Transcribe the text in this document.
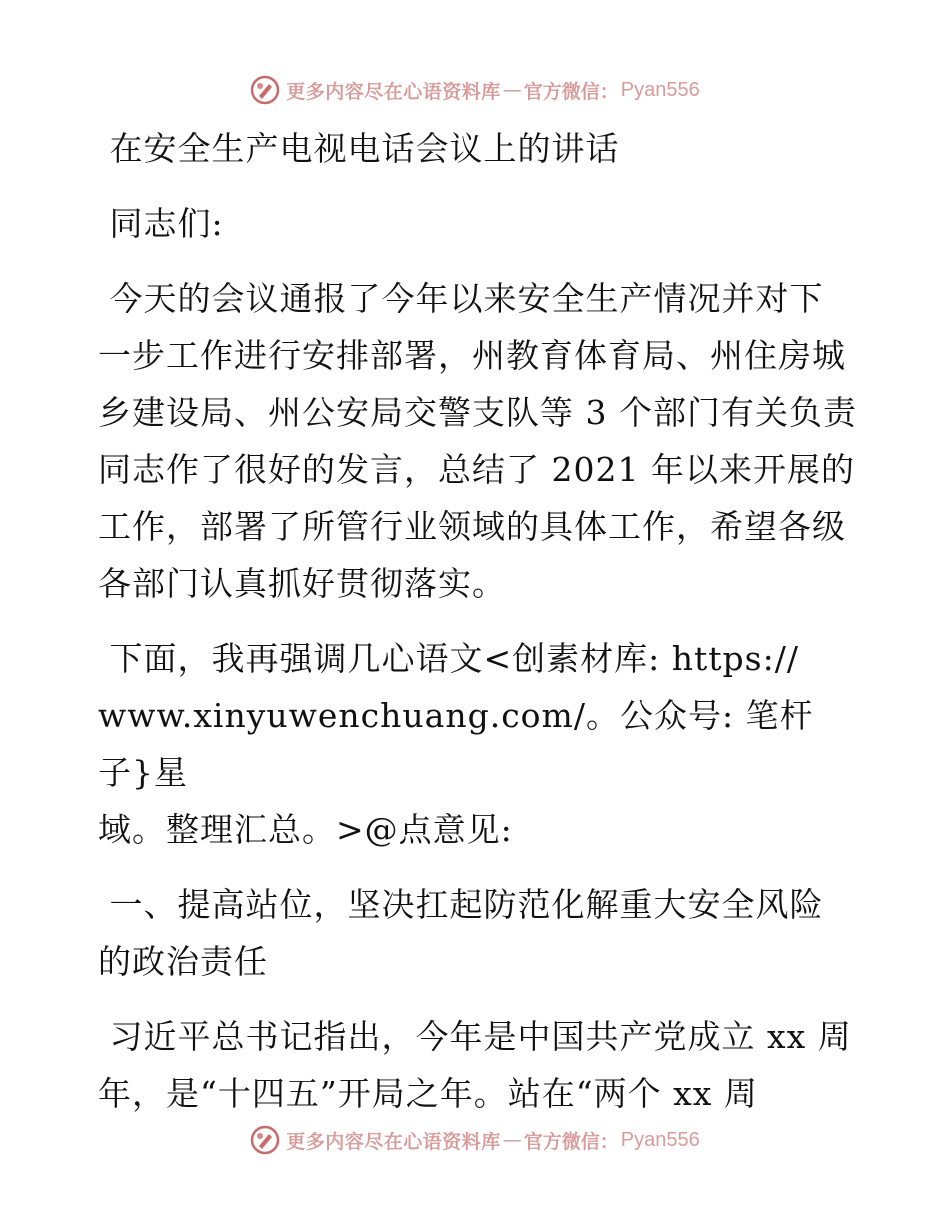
更多内容尽在心语资料库 — 官方微信： Pyan556

在安全生产电视电话会议上的讲话

同志们:

今天的会议通报了今年以来安全生产情况并对下

一步工作进行安排部署，州教育体育局、州住房城

乡建设局、州公安局交警支队等 3 个部门有关负责

同志作了很好的发言，总结了 2021 年以来开展的

工作，部署了所管行业领域的具体工作，希望各级

各部门认真抓好贯彻落实。

下面，我再强调几心语文<创素材库: https://

www.xinyuwenchuang.com/。公众号: 笔杆子}星

域。整理汇总。>@点意见:

一、提高站位，坚决扛起防范化解重大安全风险

的政治责任

习近平总书记指出，今年是中国共产党成立 xx 周

年，是“十四五”开局之年。站在“两个 xx 周

更多内容尽在心语资料库 — 官方微信： Pyan556
